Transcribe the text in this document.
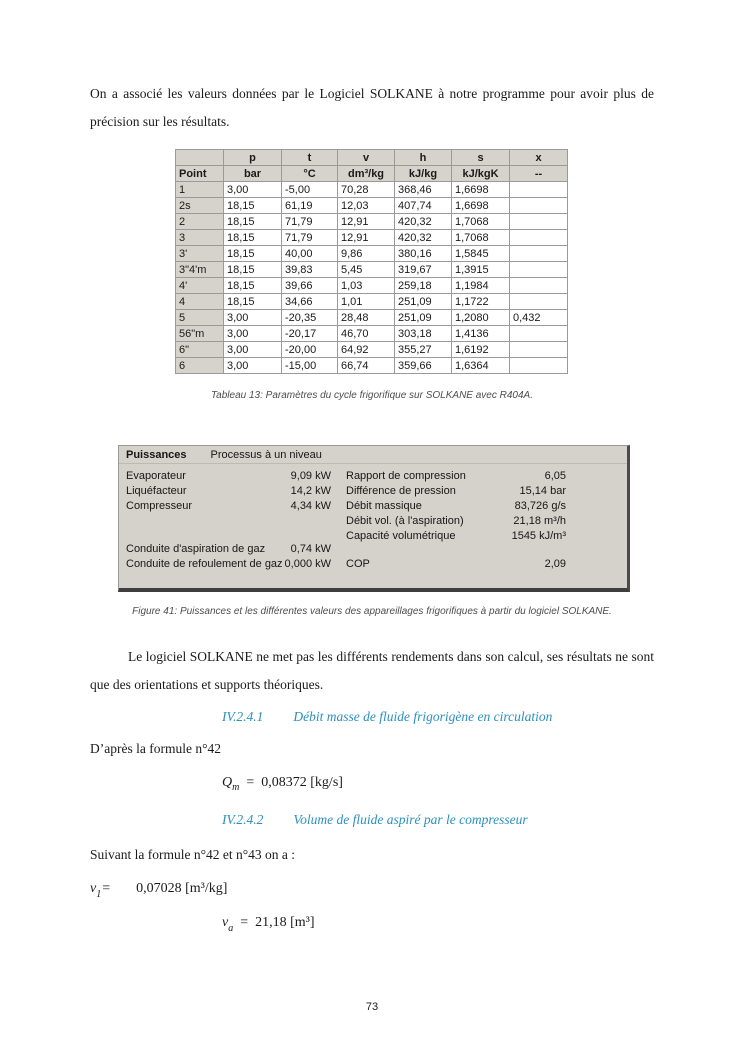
On a associé les valeurs données par le Logiciel SOLKANE à notre programme pour avoir plus de précision sur les résultats.

	p	t	v	h	s	x
Point	bar	°C	dm³/kg	kJ/kg	kJ/kgK	--
1	3,00	-5,00	70,28	368,46	1,6698	
2s	18,15	61,19	12,03	407,74	1,6698	
2	18,15	71,79	12,91	420,32	1,7068	
3	18,15	71,79	12,91	420,32	1,7068	
3'	18,15	40,00	9,86	380,16	1,5845	
3"4'm	18,15	39,83	5,45	319,67	1,3915	
4'	18,15	39,66	1,03	259,18	1,1984	
4	18,15	34,66	1,01	251,09	1,1722	
5	3,00	-20,35	28,48	251,09	1,2080	0,432
56"m	3,00	-20,17	46,70	303,18	1,4136	
6"	3,00	-20,00	64,92	355,27	1,6192	
6	3,00	-15,00	66,74	359,66	1,6364	

Tableau 13: Paramètres du cycle frigorifique sur SOLKANE avec R404A.

Puissances Processus à un niveau
Evaporateur	9,09 kW
Liquéfacteur	14,2 kW
Compresseur	4,34 kW
Conduite d'aspiration de gaz 0,74 kW
Conduite de refoulement de gaz 0,000 kW
Rapport de compression	6,05
Différence de pression	15,14 bar
Débit massique	83,726 g/s
Débit vol. (à l'aspiration)	21,18 m³/h
Capacité volumétrique	1545 kJ/m³
COP	2,09

Figure 41: Puissances et les différentes valeurs des appareillages frigorifiques à partir du logiciel SOLKANE.

Le logiciel SOLKANE ne met pas les différents rendements dans son calcul, ses résultats ne sont que des orientations et supports théoriques.

IV.2.4.1 Débit masse de fluide frigorigène en circulation

D’après la formule n°42

$Q_m = 0,08372$ [kg/s]
IV.2.4.2 Volume de fluide aspiré par le compresseur

Suivant la formule n°42 et n°43 on a :

$v_1= 0,07028$ [m³/kg]
$v_a = 21,18$ [m³]
73
